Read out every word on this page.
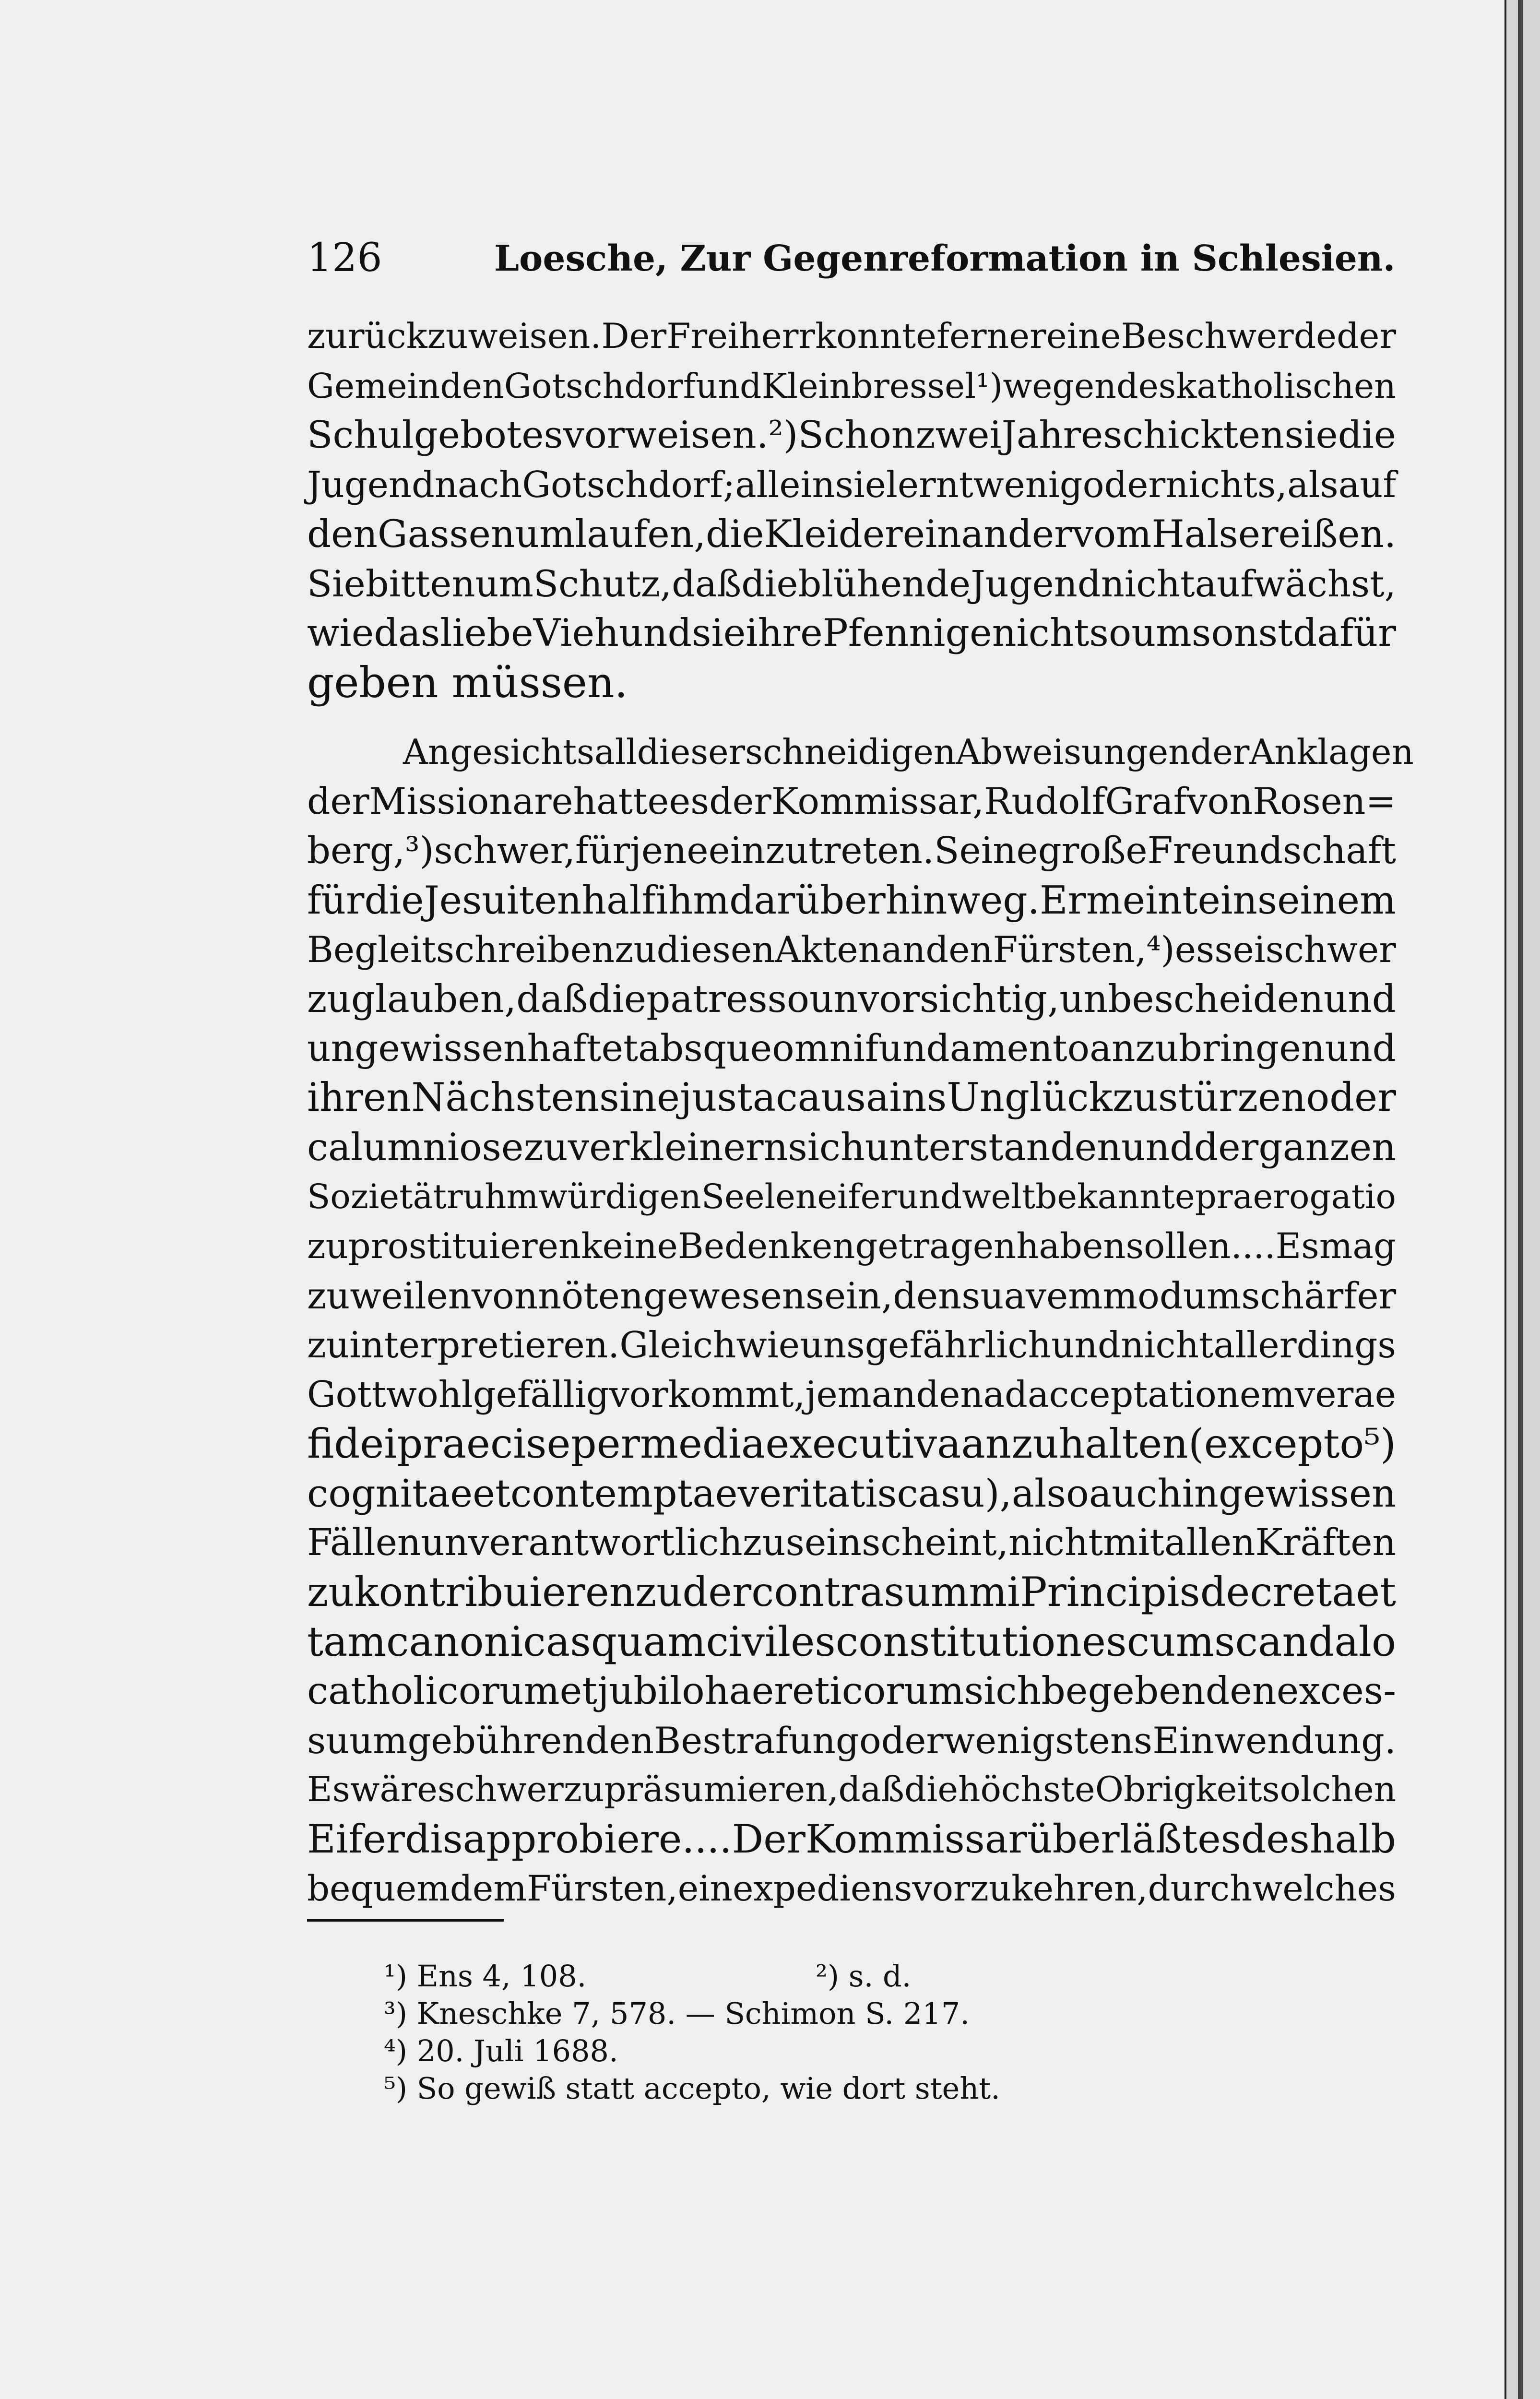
126	Loesche, Zur Gegenreformation in Schlesien.
zurückzuweisen. Der Freiherr konnte ferner eine Beschwerde der
Gemeinden Gotschdorf und Kleinbressel¹) wegen des katholischen
Schulgebotes vorweisen.²) Schon zwei Jahre schickten sie die
Jugend nach Gotschdorf; allein sie lernt wenig oder nichts, als auf
den Gassen umlaufen, die Kleider einander vom Halse reißen.
Sie bitten um Schutz, daß die blühende Jugend nicht aufwächst,
wie das liebe Vieh und sie ihre Pfennige nicht so umsonst dafür
geben müssen.
Angesichts all dieser schneidigen Abweisungen der Anklagen
der Missionare hatte es der Kommissar, Rudolf Graf von Rosen=
berg,³) schwer, für jene einzutreten. Seine große Freundschaft
für die Jesuiten half ihm darüber hinweg. Er meinte in seinem
Begleitschreiben zu diesen Akten an den Fürsten,⁴) es sei schwer
zu glauben, daß die patres so unvorsichtig, unbescheiden und
ungewissenhaft et absque omni fundamento anzubringen und
ihren Nächsten sine justa causa ins Unglück zu stürzen oder
calumniose zu verkleinern sich unterstanden und der ganzen
Sozietät ruhmwürdigen Seeleneifer und weltbekannte praerogatio
zu prostituieren keine Bedenken getragen haben sollen. ... Es mag
zuweilen vonnöten gewesen sein, den suavem modum schärfer
zu interpretieren. Gleichwie uns gefährlich und nicht allerdings
Gott wohlgefällig vorkommt, jemanden ad acceptationem verae
fidei praecise per media executiva anzuhalten (excepto⁵)
cognitae et contemptae veritatis casu), also auch in gewissen
Fällen unverantwortlich zu sein scheint, nicht mit allen Kräften
zu kontribuieren zu der contra summi Principis decreta et
tam canonicas quam civiles constitutiones cum scandalo
catholicorum et jubilo haereticorum sich begebenden exces-
suum gebührenden Bestrafung oder wenigstens Einwendung.
Es wäre schwer zu präsumieren, daß die höchste Obrigkeit solchen
Eifer disapprobiere. ... Der Kommissar überläßt es deshalb
bequem dem Fürsten, ein expediens vorzukehren, durch welches
¹) Ens 4, 108.	²) s. d.
³) Kneschke 7, 578. — Schimon S. 217.
⁴) 20. Juli 1688.
⁵) So gewiß statt accepto, wie dort steht.
